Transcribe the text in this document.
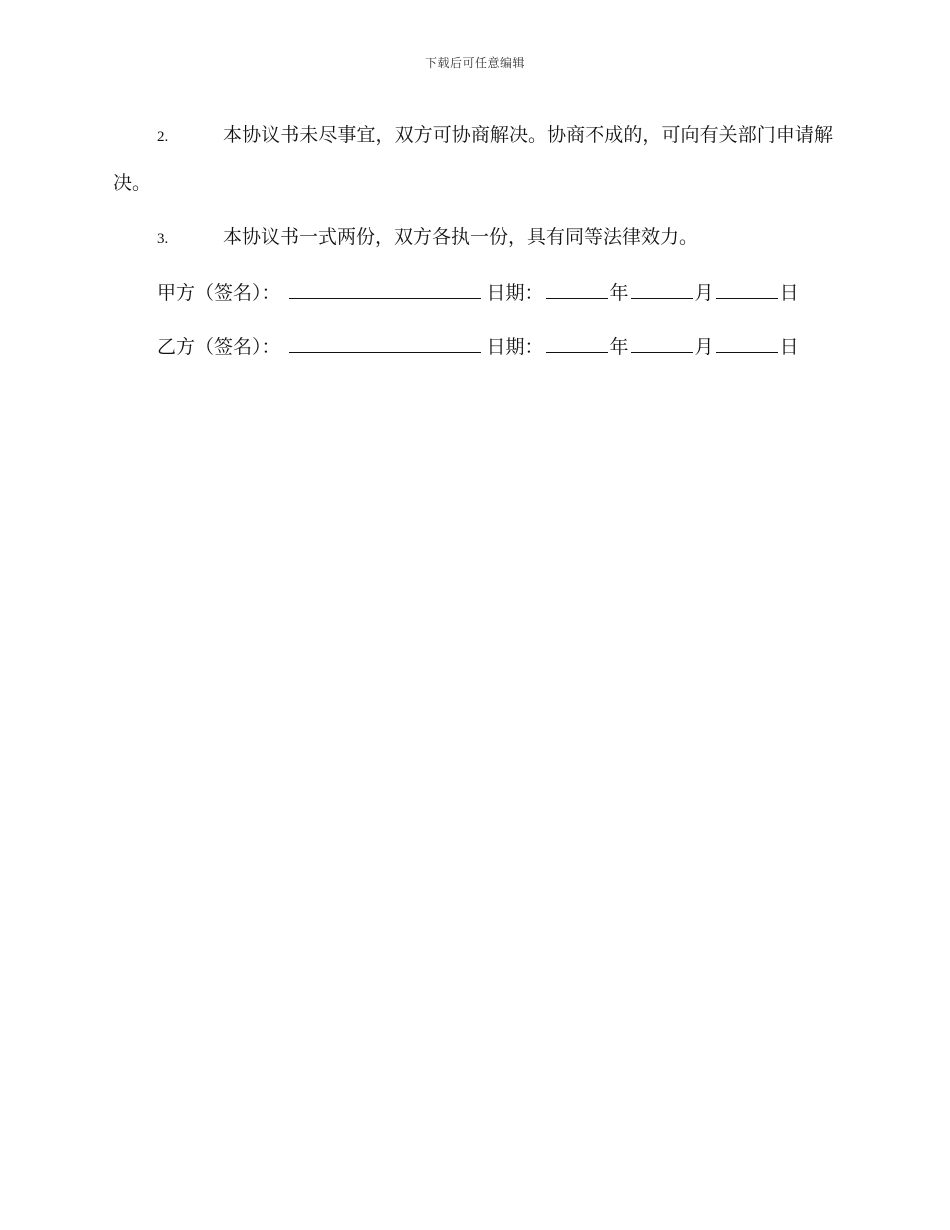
下载后可任意编辑

2.	本协议书未尽事宜，双方可协商解决。协商不成的，可向有关部门申请解决。

3.	本协议书一式两份，双方各执一份，具有同等法律效力。

甲方（签名）：	日期：	年	月	日
乙方（签名）：	日期：	年	月	日
